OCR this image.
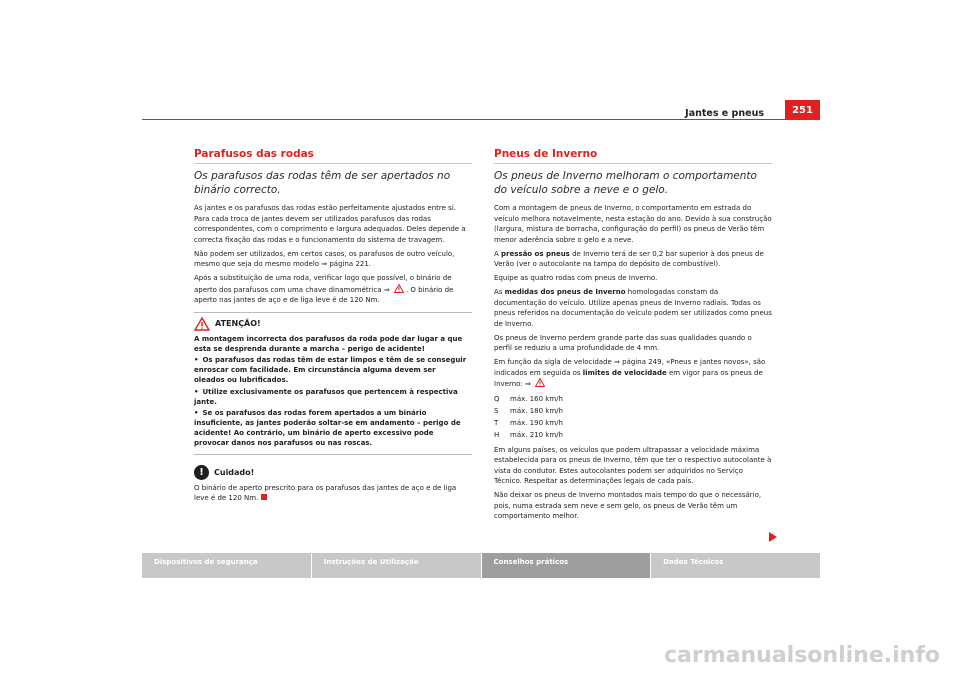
Jantes e pneus	251
Parafusos das rodas
Os parafusos das rodas têm de ser apertados no binário correcto.

As jantes e os parafusos das rodas estão perfeitamente ajustados entre si. Para cada troca de jantes devem ser utilizados parafusos das rodas correspondentes, com o comprimento e largura adequados. Deles depende a correcta fixação das rodas e o funcionamento do sistema de travagem.

Não podem ser utilizados, em certos casos, os parafusos de outro veículo, mesmo que seja do mesmo modelo ⇒ página 221.

Após a substituição de uma roda, verificar logo que possível, o binário de aperto dos parafusos com uma chave dinamométrica ⇒ . O binário de aperto nas jantes de aço e de liga leve é de 120 Nm.

ATENÇÃO!

A montagem incorrecta dos parafusos da roda pode dar lugar a que esta se desprenda durante a marcha – perigo de acidente!

• Os parafusos das rodas têm de estar limpos e têm de se conseguir enroscar com facilidade. Em circunstância alguma devem ser oleados ou lubrificados.

• Utilize exclusivamente os parafusos que pertencem à respectiva jante.

• Se os parafusos das rodas forem apertados a um binário insuficiente, as jantes poderão soltar-se em andamento – perigo de acidente! Ao contrário, um binário de aperto excessivo pode provocar danos nos parafusos ou nas roscas.

!	Cuidado!

O binário de aperto prescrito para os parafusos das jantes de aço e de liga leve é de 120 Nm.

Pneus de Inverno
Os pneus de Inverno melhoram o comportamento do veículo sobre a neve e o gelo.

Com a montagem de pneus de Inverno, o comportamento em estrada do veículo melhora notavelmente, nesta estação do ano. Devido à sua construção (largura, mistura de borracha, configuração do perfil) os pneus de Verão têm menor aderência sobre o gelo e a neve.

A pressão os pneus de Inverno terá de ser 0,2 bar superior à dos pneus de Verão (ver o autocolante na tampa do depósito de combustível).

Equipe as quatro rodas com pneus de Inverno.

As medidas dos pneus de Inverno homologadas constam da documentação do veículo. Utilize apenas pneus de Inverno radiais. Todas os pneus referidos na documentação do veículo podem ser utilizados como pneus de Inverno.

Os pneus de Inverno perdem grande parte das suas qualidades quando o perfil se reduziu a uma profundidade de 4 mm.

Em função da sigla de velocidade ⇒ página 249, «Pneus e jantes novos», são indicados em seguida os limites de velocidade em vigor para os pneus de Inverno: ⇒

Q	máx. 160 km/h
S	máx. 180 km/h
T	máx. 190 km/h
H	máx. 210 km/h

Em alguns países, os veículos que podem ultrapassar a velocidade máxima estabelecida para os pneus de Inverno, têm que ter o respectivo autocolante à vista do condutor. Estes autocolantes podem ser adquiridos no Serviço Técnico. Respeitar as determinações legais de cada país.

Não deixar os pneus de Inverno montados mais tempo do que o necessário, pois, numa estrada sem neve e sem gelo, os pneus de Verão têm um comportamento melhor.

Dispositivos de segurança	Instruções de Utilização	Conselhos práticos	Dados Técnicos
carmanualsonline.info
